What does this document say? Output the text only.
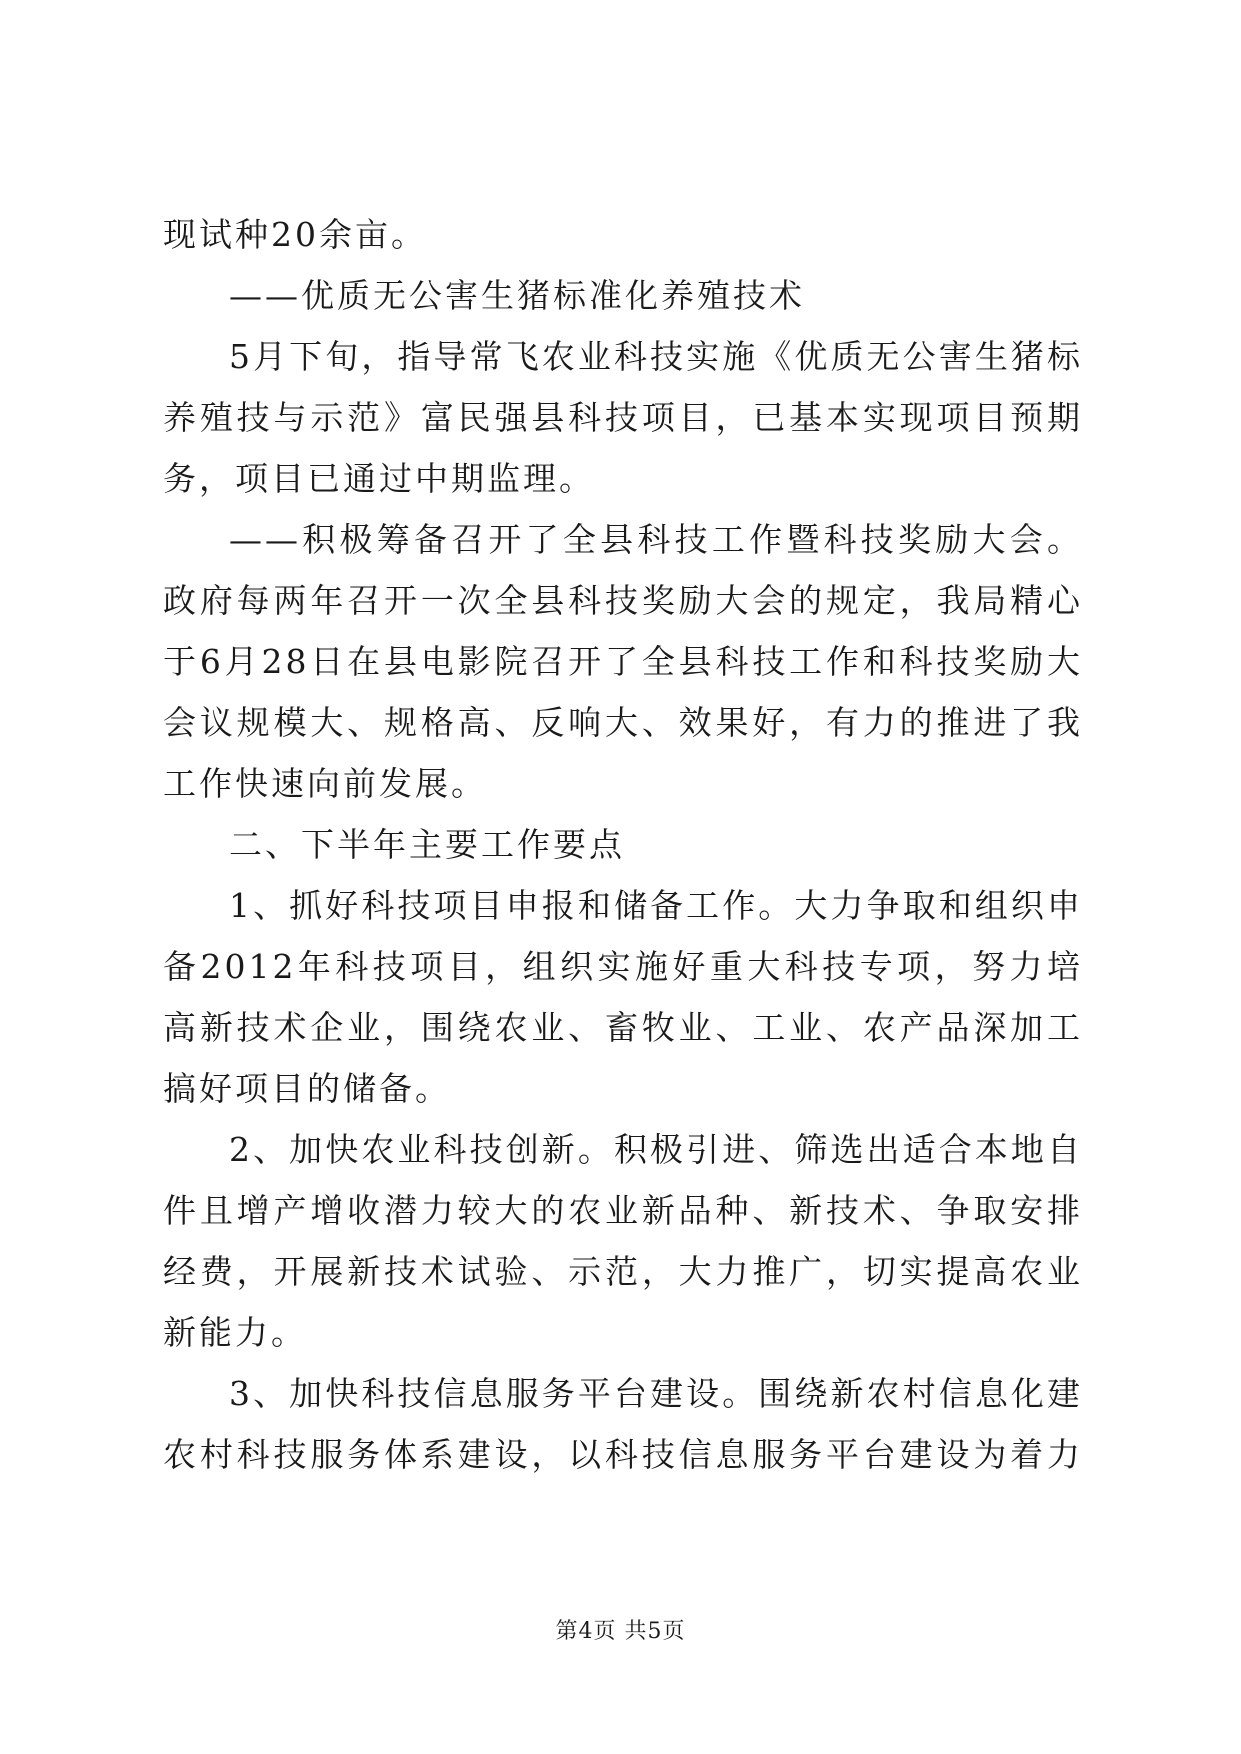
现试种20余亩。
——优质无公害生猪标准化养殖技术
5月下旬，指导常飞农业科技实施《优质无公害生猪标
养殖技与示范》富民强县科技项目，已基本实现项目预期
务，项目已通过中期监理。
——积极筹备召开了全县科技工作暨科技奖励大会。
政府每两年召开一次全县科技奖励大会的规定，我局精心
于6月28日在县电影院召开了全县科技工作和科技奖励大
会议规模大、规格高、反响大、效果好，有力的推进了我
工作快速向前发展。
二、下半年主要工作要点
1、抓好科技项目申报和储备工作。大力争取和组织申
备2012年科技项目，组织实施好重大科技专项，努力培
高新技术企业，围绕农业、畜牧业、工业、农产品深加工
搞好项目的储备。
2、加快农业科技创新。积极引进、筛选出适合本地自
件且增产增收潜力较大的农业新品种、新技术、争取安排
经费，开展新技术试验、示范，大力推广，切实提高农业
新能力。
3、加快科技信息服务平台建设。围绕新农村信息化建
农村科技服务体系建设，以科技信息服务平台建设为着力
第4页 共5页
